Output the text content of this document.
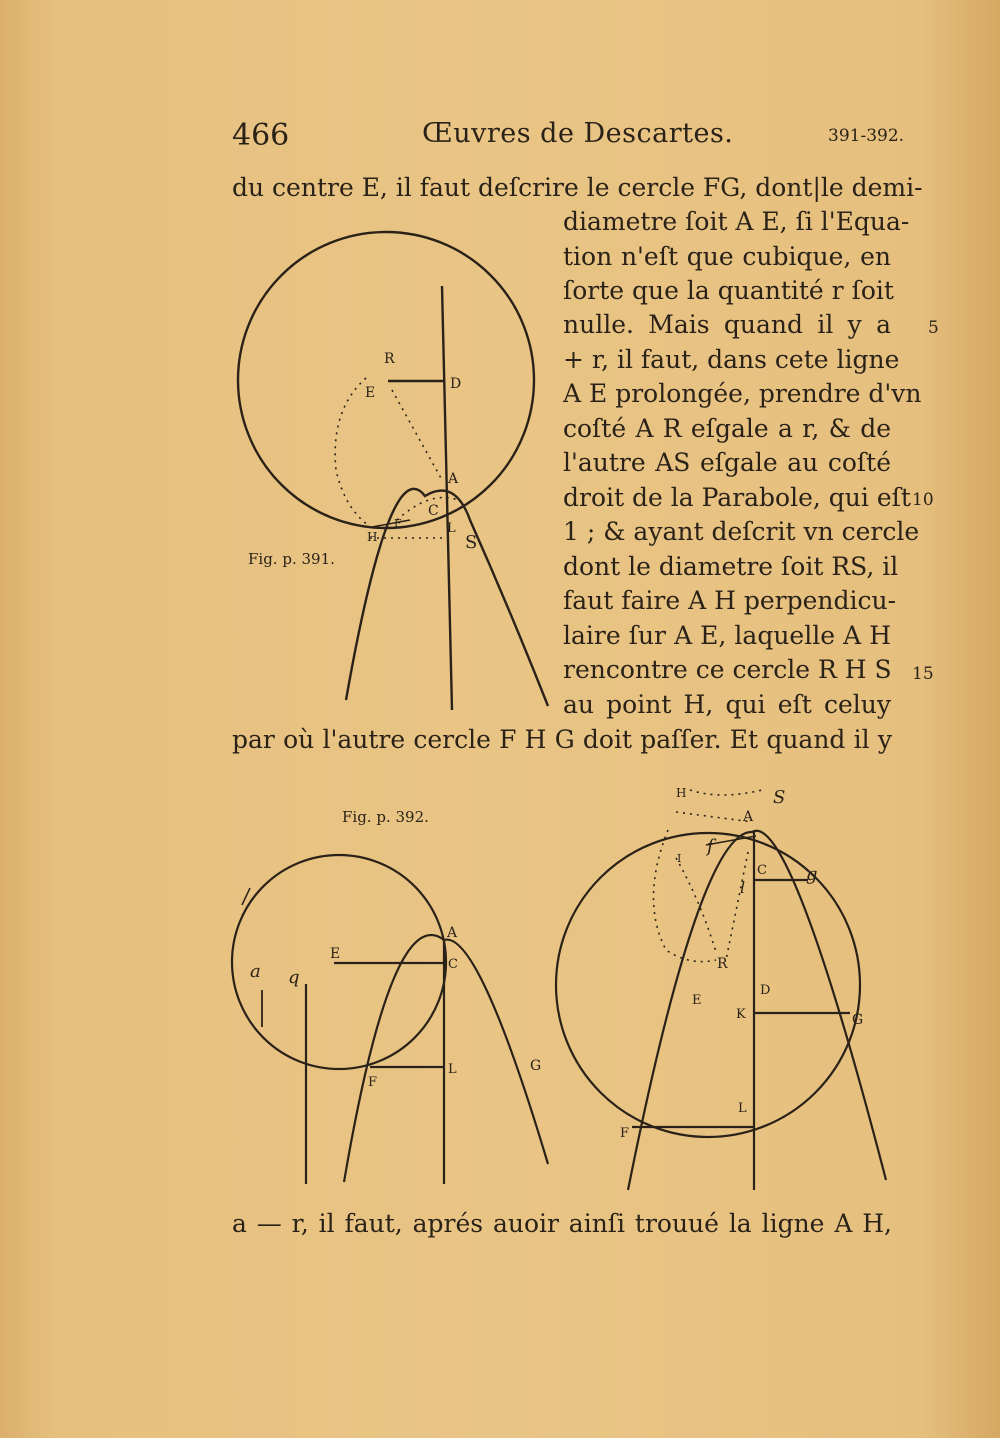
466	Œuvres de Descartes.	391-392.
du centre E, il faut deſcrire le cercle FG, dont|le demi-
diametre ſoit A E, ſi l'Equa-
tion n'eſt que cubique, en
ſorte que la quantité r ſoit
nulle. Mais quand il y a
+ r, il faut, dans cete ligne
A E prolongée, prendre d'vn
coſté A R eſgale a r, & de
l'autre AS eſgale au coſté
droit de la Parabole, qui eſt
1 ; & ayant deſcrit vn cercle
dont le diametre ſoit RS, il
faut faire A H perpendicu-
laire ſur A E, laquelle A H
rencontre ce cercle R H S
au point H, qui eſt celuy
par où l'autre cercle F H G doit paſſer. Et quand il y
a — r, il faut, aprés auoir ainſi trouué la ligne A H,
5
10
15
Fig. p. 391.
Fig. p. 392.
R
E
D
A
C
L
S
H
F
a q
E
A
C
L
F
G
H	S
A
f
I
C g
l
R
E
D
K	G
L
F
